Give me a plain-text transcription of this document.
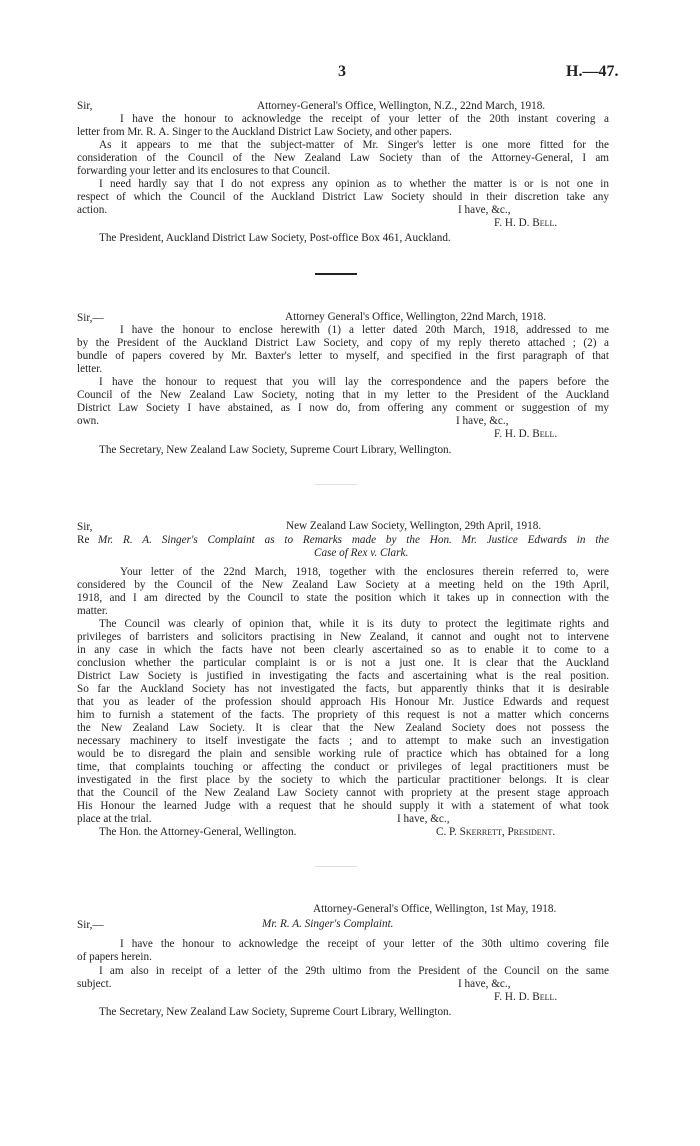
3	H.—47.
Sir,	Attorney-General's Office, Wellington, N.Z., 22nd March, 1918.
I have the honour to acknowledge the receipt of your letter of the 20th instant covering a
letter from Mr. R. A. Singer to the Auckland District Law Society, and other papers.
As it appears to me that the subject-matter of Mr. Singer's letter is one more fitted for the
consideration of the Council of the New Zealand Law Society than of the Attorney-General, I am
forwarding your letter and its enclosures to that Council.
I need hardly say that I do not express any opinion as to whether the matter is or is not one in
respect of which the Council of the Auckland District Law Society should in their discretion take any
action.	I have, &c.,
F. H. D. Bell.
The President, Auckland District Law Society, Post-office Box 461, Auckland.
Sir,—	Attorney General's Office, Wellington, 22nd March, 1918.
I have the honour to enclose herewith (1) a letter dated 20th March, 1918, addressed to me
by the President of the Auckland District Law Society, and copy of my reply thereto attached ; (2) a
bundle of papers covered by Mr. Baxter's letter to myself, and specified in the first paragraph of that
letter.
I have the honour to request that you will lay the correspondence and the papers before the
Council of the New Zealand Law Society, noting that in my letter to the President of the Auckland
District Law Society I have abstained, as I now do, from offering any comment or suggestion of my
own.	I have, &c.,
F. H. D. Bell.
The Secretary, New Zealand Law Society, Supreme Court Library, Wellington.
Sir,	New Zealand Law Society, Wellington, 29th April, 1918.
Re Mr. R. A. Singer's Complaint as to Remarks made by the Hon. Mr. Justice Edwards in the
Case of Rex v. Clark.
Your letter of the 22nd March, 1918, together with the enclosures therein referred to, were
considered by the Council of the New Zealand Law Society at a meeting held on the 19th April,
1918, and I am directed by the Council to state the position which it takes up in connection with the
matter.
The Council was clearly of opinion that, while it is its duty to protect the legitimate rights and
privileges of barristers and solicitors practising in New Zealand, it cannot and ought not to intervene
in any case in which the facts have not been clearly ascertained so as to enable it to come to a
conclusion whether the particular complaint is or is not a just one. It is clear that the Auckland
District Law Society is justified in investigating the facts and ascertaining what is the real position.
So far the Auckland Society has not investigated the facts, but apparently thinks that it is desirable
that you as leader of the profession should approach His Honour Mr. Justice Edwards and request
him to furnish a statement of the facts. The propriety of this request is not a matter which concerns
the New Zealand Law Society. It is clear that the New Zealand Society does not possess the
necessary machinery to itself investigate the facts ; and to attempt to make such an investigation
would be to disregard the plain and sensible working rule of practice which has obtained for a long
time, that complaints touching or affecting the conduct or privileges of legal practitioners must be
investigated in the first place by the society to which the particular practitioner belongs. It is clear
that the Council of the New Zealand Law Society cannot with propriety at the present stage approach
His Honour the learned Judge with a request that he should supply it with a statement of what took
place at the trial.	I have, &c.,
The Hon. the Attorney-General, Wellington.	C. P. Skerrett, President.
Attorney-General's Office, Wellington, 1st May, 1918.
Sir,—	Mr. R. A. Singer's Complaint.
I have the honour to acknowledge the receipt of your letter of the 30th ultimo covering file
of papers herein.
I am also in receipt of a letter of the 29th ultimo from the President of the Council on the same
subject.	I have, &c.,
F. H. D. Bell.
The Secretary, New Zealand Law Society, Supreme Court Library, Wellington.
